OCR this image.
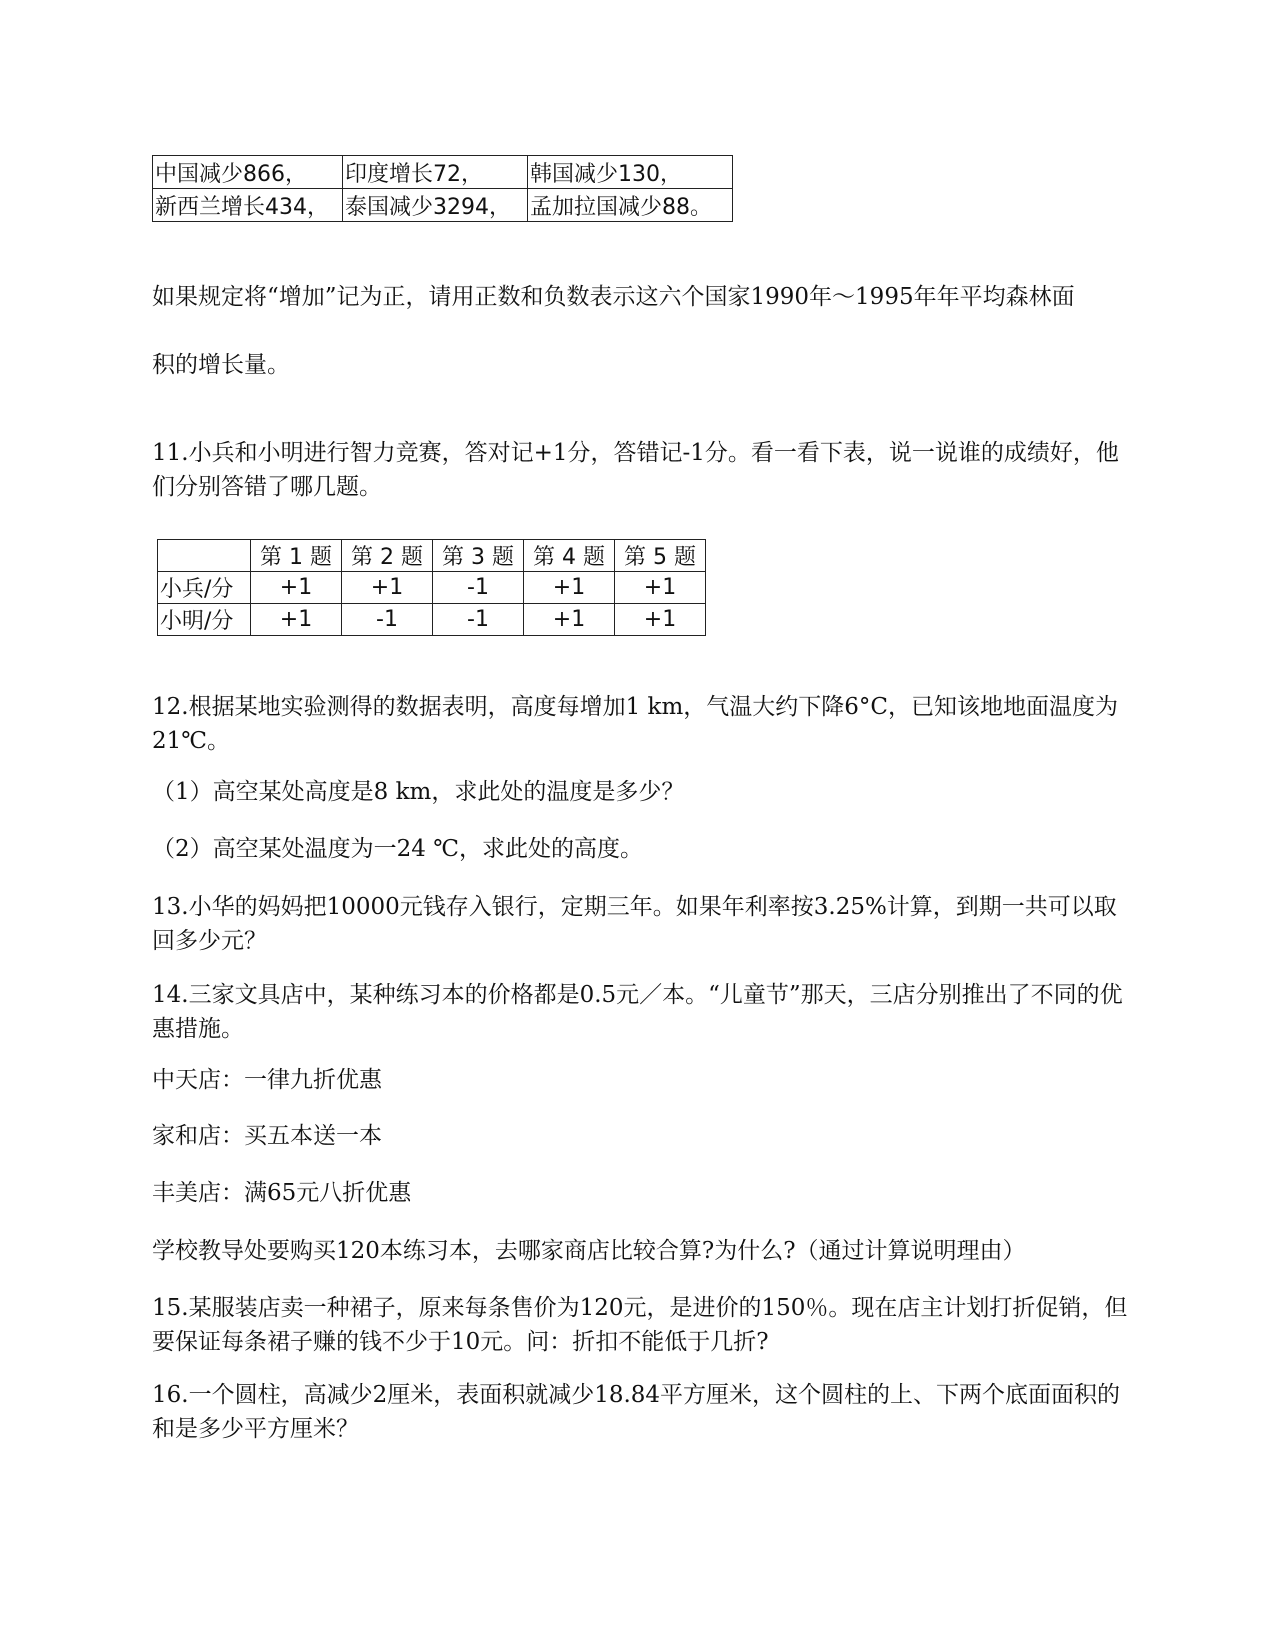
中国减少866，	印度增长72，	韩国减少130，
新西兰增长434，	泰国减少3294，	孟加拉国减少88。

如果规定将“增加”记为正，请用正数和负数表示这六个国家1990年～1995年年平均森林面

积的增长量。

11.小兵和小明进行智力竞赛，答对记+1分，答错记-1分。看一看下表，说一说谁的成绩好，他们分别答错了哪几题。

	第 1 题	第 2 题	第 3 题	第 4 题	第 5 题
小兵/分	+1	+1	-1	+1	+1
小明/分	+1	-1	-1	+1	+1

12.根据某地实验测得的数据表明，高度每增加1 km，气温大约下降6°C，已知该地地面温度为21℃。

（1）高空某处高度是8 km，求此处的温度是多少？

（2）高空某处温度为一24 ℃，求此处的高度。

13.小华的妈妈把10000元钱存入银行，定期三年。如果年利率按3.25%计算，到期一共可以取回多少元？

14.三家文具店中，某种练习本的价格都是0.5元／本。“儿童节”那天，三店分别推出了不同的优惠措施。

中天店：一律九折优惠

家和店：买五本送一本

丰美店：满65元八折优惠

学校教导处要购买120本练习本，去哪家商店比较合算?为什么?（通过计算说明理由）

15.某服装店卖一种裙子，原来每条售价为120元，是进价的150％。现在店主计划打折促销，但要保证每条裙子赚的钱不少于10元。问：折扣不能低于几折?

16.一个圆柱，高减少2厘米，表面积就减少18.84平方厘米，这个圆柱的上、下两个底面面积的和是多少平方厘米？
